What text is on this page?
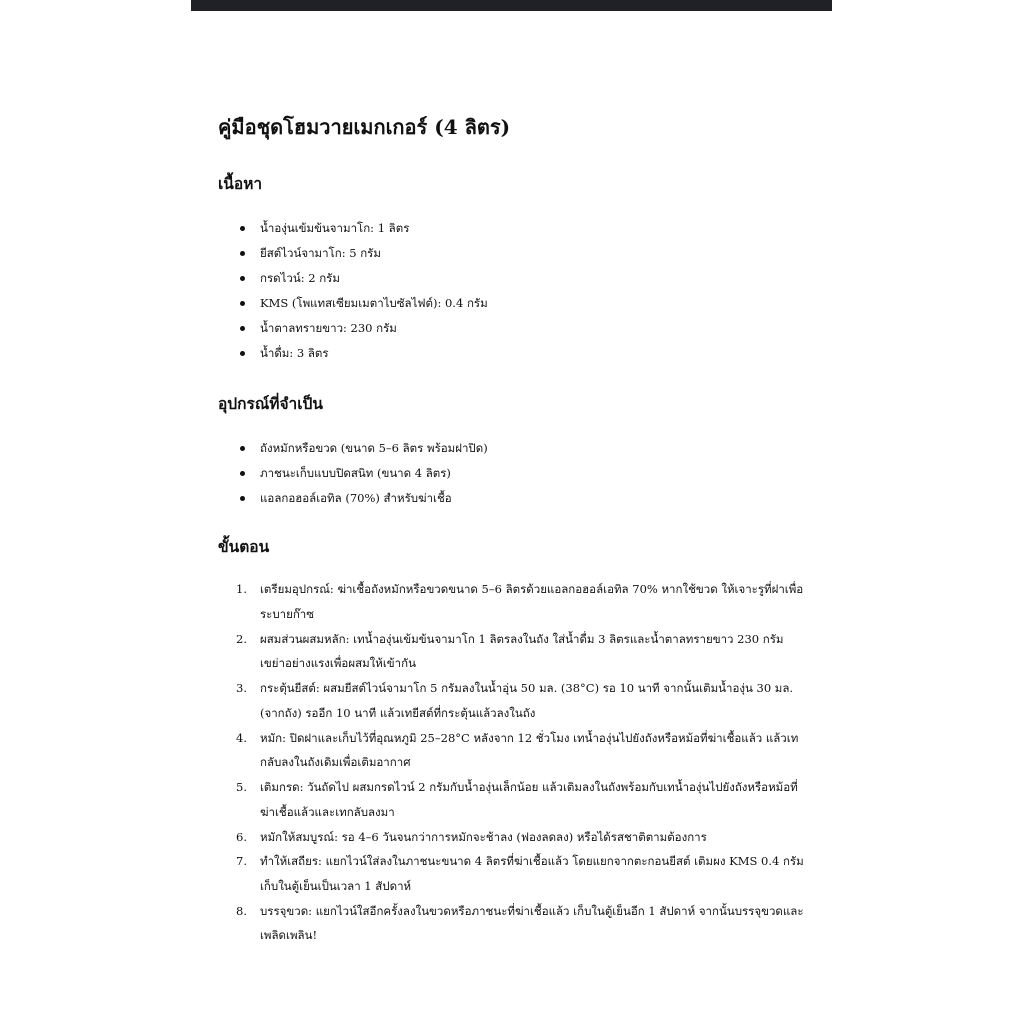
คู่มือชุดโฮมวายเมกเกอร์ (4 ลิตร)
เนื้อหา
น้ำองุ่นเข้มข้นจามาโก: 1 ลิตร
ยีสต์ไวน์จามาโก: 5 กรัม
กรดไวน์: 2 กรัม
KMS (โพแทสเซียมเมตาไบซัลไฟต์): 0.4 กรัม
น้ำตาลทรายขาว: 230 กรัม
น้ำดื่ม: 3 ลิตร
อุปกรณ์ที่จำเป็น
ถังหมักหรือขวด (ขนาด 5–6 ลิตร พร้อมฝาปิด)
ภาชนะเก็บแบบปิดสนิท (ขนาด 4 ลิตร)
แอลกอฮอล์เอทิล (70%) สำหรับฆ่าเชื้อ
ขั้นตอน
1.	เตรียมอุปกรณ์: ฆ่าเชื้อถังหมักหรือขวดขนาด 5–6 ลิตรด้วยแอลกอฮอล์เอทิล 70% หากใช้ขวด ให้เจาะรูที่ฝาเพื่อระบายก๊าซ
2.	ผสมส่วนผสมหลัก: เทน้ำองุ่นเข้มข้นจามาโก 1 ลิตรลงในถัง ใส่น้ำดื่ม 3 ลิตรและน้ำตาลทรายขาว 230 กรัม เขย่าอย่างแรงเพื่อผสมให้เข้ากัน
3.	กระตุ้นยีสต์: ผสมยีสต์ไวน์จามาโก 5 กรัมลงในน้ำอุ่น 50 มล. (38°C) รอ 10 นาที จากนั้นเติมน้ำองุ่น 30 มล. (จากถัง) รออีก 10 นาที แล้วเทยีสต์ที่กระตุ้นแล้วลงในถัง
4.	หมัก: ปิดฝาและเก็บไว้ที่อุณหภูมิ 25–28°C หลังจาก 12 ชั่วโมง เทน้ำองุ่นไปยังถังหรือหม้อที่ฆ่าเชื้อแล้ว แล้วเทกลับลงในถังเดิมเพื่อเติมอากาศ
5.	เติมกรด: วันถัดไป ผสมกรดไวน์ 2 กรัมกับน้ำองุ่นเล็กน้อย แล้วเติมลงในถังพร้อมกับเทน้ำองุ่นไปยังถังหรือหม้อที่ฆ่าเชื้อแล้วและเทกลับลงมา
6.	หมักให้สมบูรณ์: รอ 4–6 วันจนกว่าการหมักจะช้าลง (ฟองลดลง) หรือได้รสชาติตามต้องการ
7.	ทำให้เสถียร: แยกไวน์ใส่ลงในภาชนะขนาด 4 ลิตรที่ฆ่าเชื้อแล้ว โดยแยกจากตะกอนยีสต์ เติมผง KMS 0.4 กรัม เก็บในตู้เย็นเป็นเวลา 1 สัปดาห์
8.	บรรจุขวด: แยกไวน์ใสอีกครั้งลงในขวดหรือภาชนะที่ฆ่าเชื้อแล้ว เก็บในตู้เย็นอีก 1 สัปดาห์ จากนั้นบรรจุขวดและเพลิดเพลิน!
